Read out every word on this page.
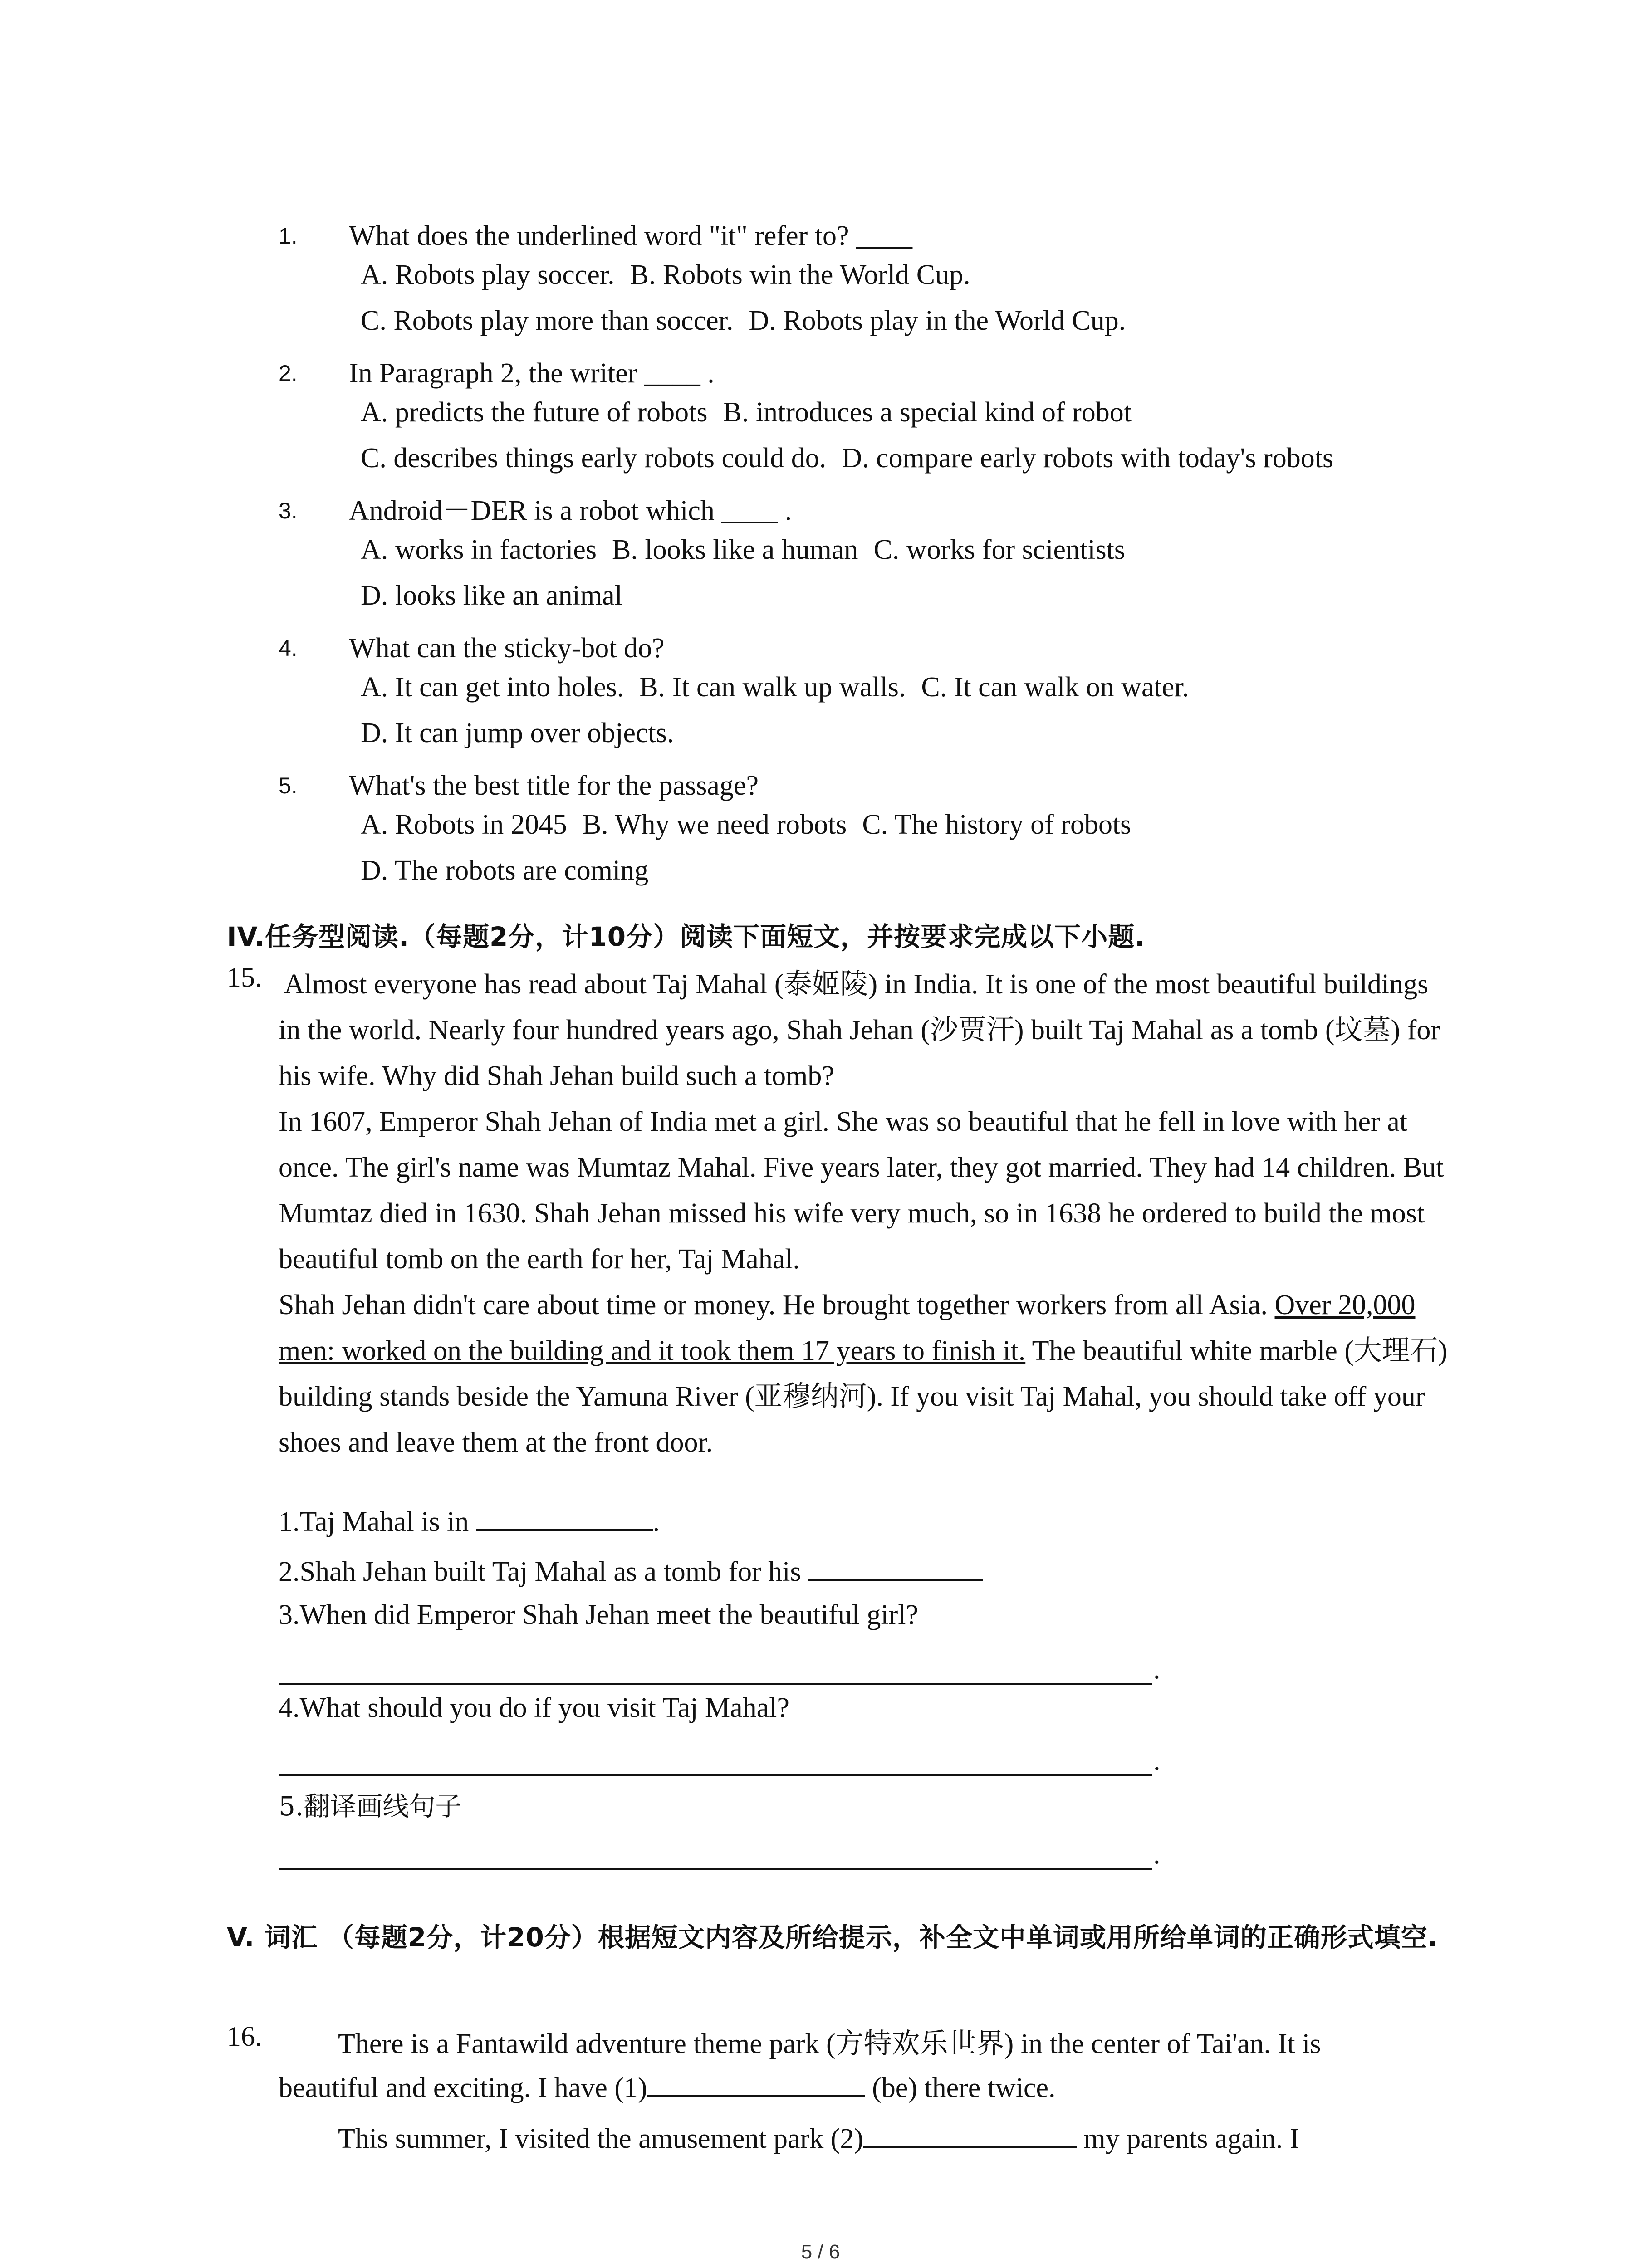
1. What does the underlined word "it" refer to? ____
A. Robots play soccer. B. Robots win the World Cup.
C. Robots play more than soccer. D. Robots play in the World Cup.
2. In Paragraph 2, the writer ____ .
A. predicts the future of robots B. introduces a special kind of robot
C. describes things early robots could do. D. compare early robots with today's robots
3. Android－DER is a robot which ____ .
A. works in factories B. looks like a human C. works for scientists
D. looks like an animal
4. What can the sticky-bot do?
A. It can get into holes. B. It can walk up walls. C. It can walk on water.
D. It can jump over objects.
5. What's the best title for the passage?
A. Robots in 2045 B. Why we need robots C. The history of robots
D. The robots are coming
IV.任务型阅读.（每题2分，计10分）阅读下面短文，并按要求完成以下小题.
15. Almost everyone has read about Taj Mahal (泰姬陵) in India. It is one of the most beautiful buildings in the world. Nearly four hundred years ago, Shah Jehan (沙贾汗) built Taj Mahal as a tomb (坟墓) for his wife. Why did Shah Jehan build such a tomb?
In 1607, Emperor Shah Jehan of India met a girl. She was so beautiful that he fell in love with her at once. The girl's name was Mumtaz Mahal. Five years later, they got married. They had 14 children. But Mumtaz died in 1630. Shah Jehan missed his wife very much, so in 1638 he ordered to build the most beautiful tomb on the earth for her, Taj Mahal.
Shah Jehan didn't care about time or money. He brought together workers from all Asia. Over 20,000 men: worked on the building and it took them 17 years to finish it. The beautiful white marble (大理石) building stands beside the Yamuna River (亚穆纳河). If you visit Taj Mahal, you should take off your shoes and leave them at the front door.
1.Taj Mahal is in	.
2.Shah Jehan built Taj Mahal as a tomb for his
3.When did Emperor Shah Jehan meet the beautiful girl?
.
4.What should you do if you visit Taj Mahal?
.
5.翻译画线句子
.
V. 词汇 （每题2分，计20分）根据短文内容及所给提示，补全文中单词或用所给单词的正确形式填空.
16.	There is a Fantawild adventure theme park (方特欢乐世界) in the center of Tai'an. It is
beautiful and exciting. I have (1)	(be) there twice.
This summer, I visited the amusement park (2)	my parents again. I
5 / 6
